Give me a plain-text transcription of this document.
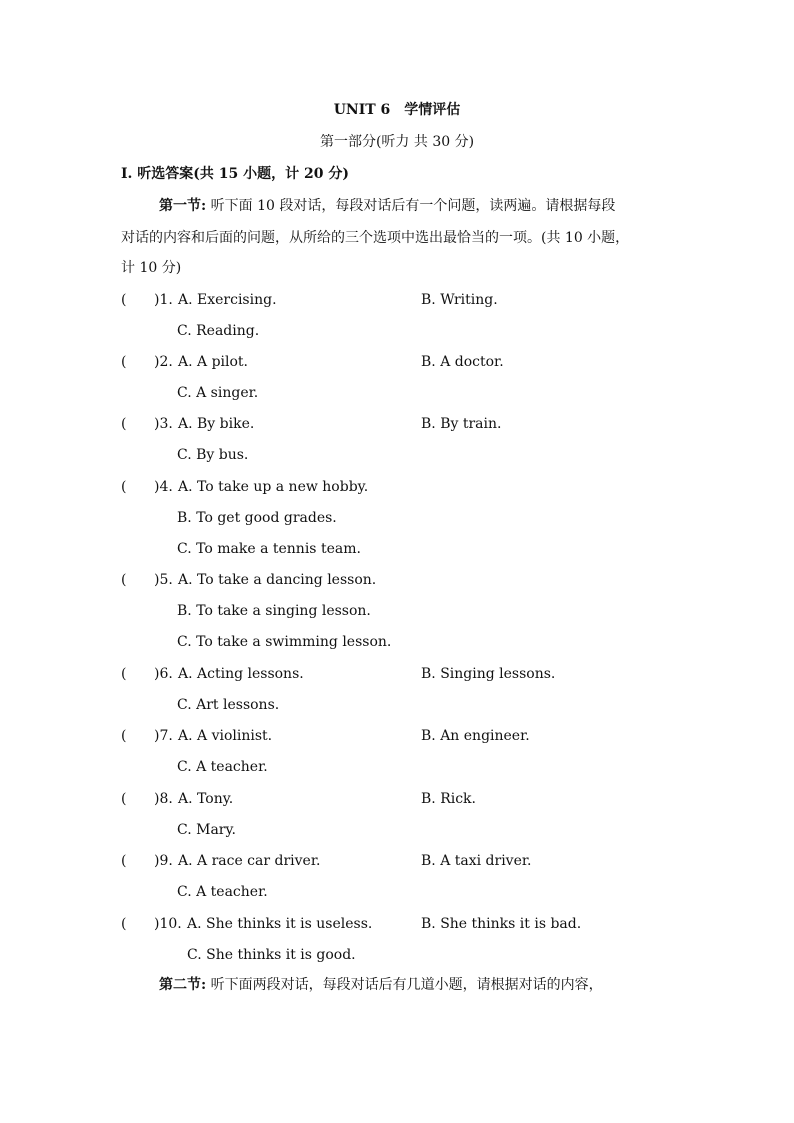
UNIT 6　学情评估
第一部分(听力 共 30 分)
Ⅰ. 听选答案(共 15 小题，计 20 分)
第一节: 听下面 10 段对话，每段对话后有一个问题，读两遍。请根据每段
对话的内容和后面的问题，从所给的三个选项中选出最恰当的一项。(共 10 小题，
计 10 分)
( )1. A. Exercising.	B. Writing.
C. Reading.
( )2. A. A pilot.	B. A doctor.
C. A singer.
( )3. A. By bike.	B. By train.
C. By bus.
( )4. A. To take up a new hobby.
B. To get good grades.
C. To make a tennis team.
( )5. A. To take a dancing lesson.
B. To take a singing lesson.
C. To take a swimming lesson.
( )6. A. Acting lessons.	B. Singing lessons.
C. Art lessons.
( )7. A. A violinist.	B. An engineer.
C. A teacher.
( )8. A. Tony.	B. Rick.
C. Mary.
( )9. A. A race car driver.	B. A taxi driver.
C. A teacher.
( )10. A. She thinks it is useless.	B. She thinks it is bad.
C. She thinks it is good.
第二节: 听下面两段对话，每段对话后有几道小题，请根据对话的内容，
